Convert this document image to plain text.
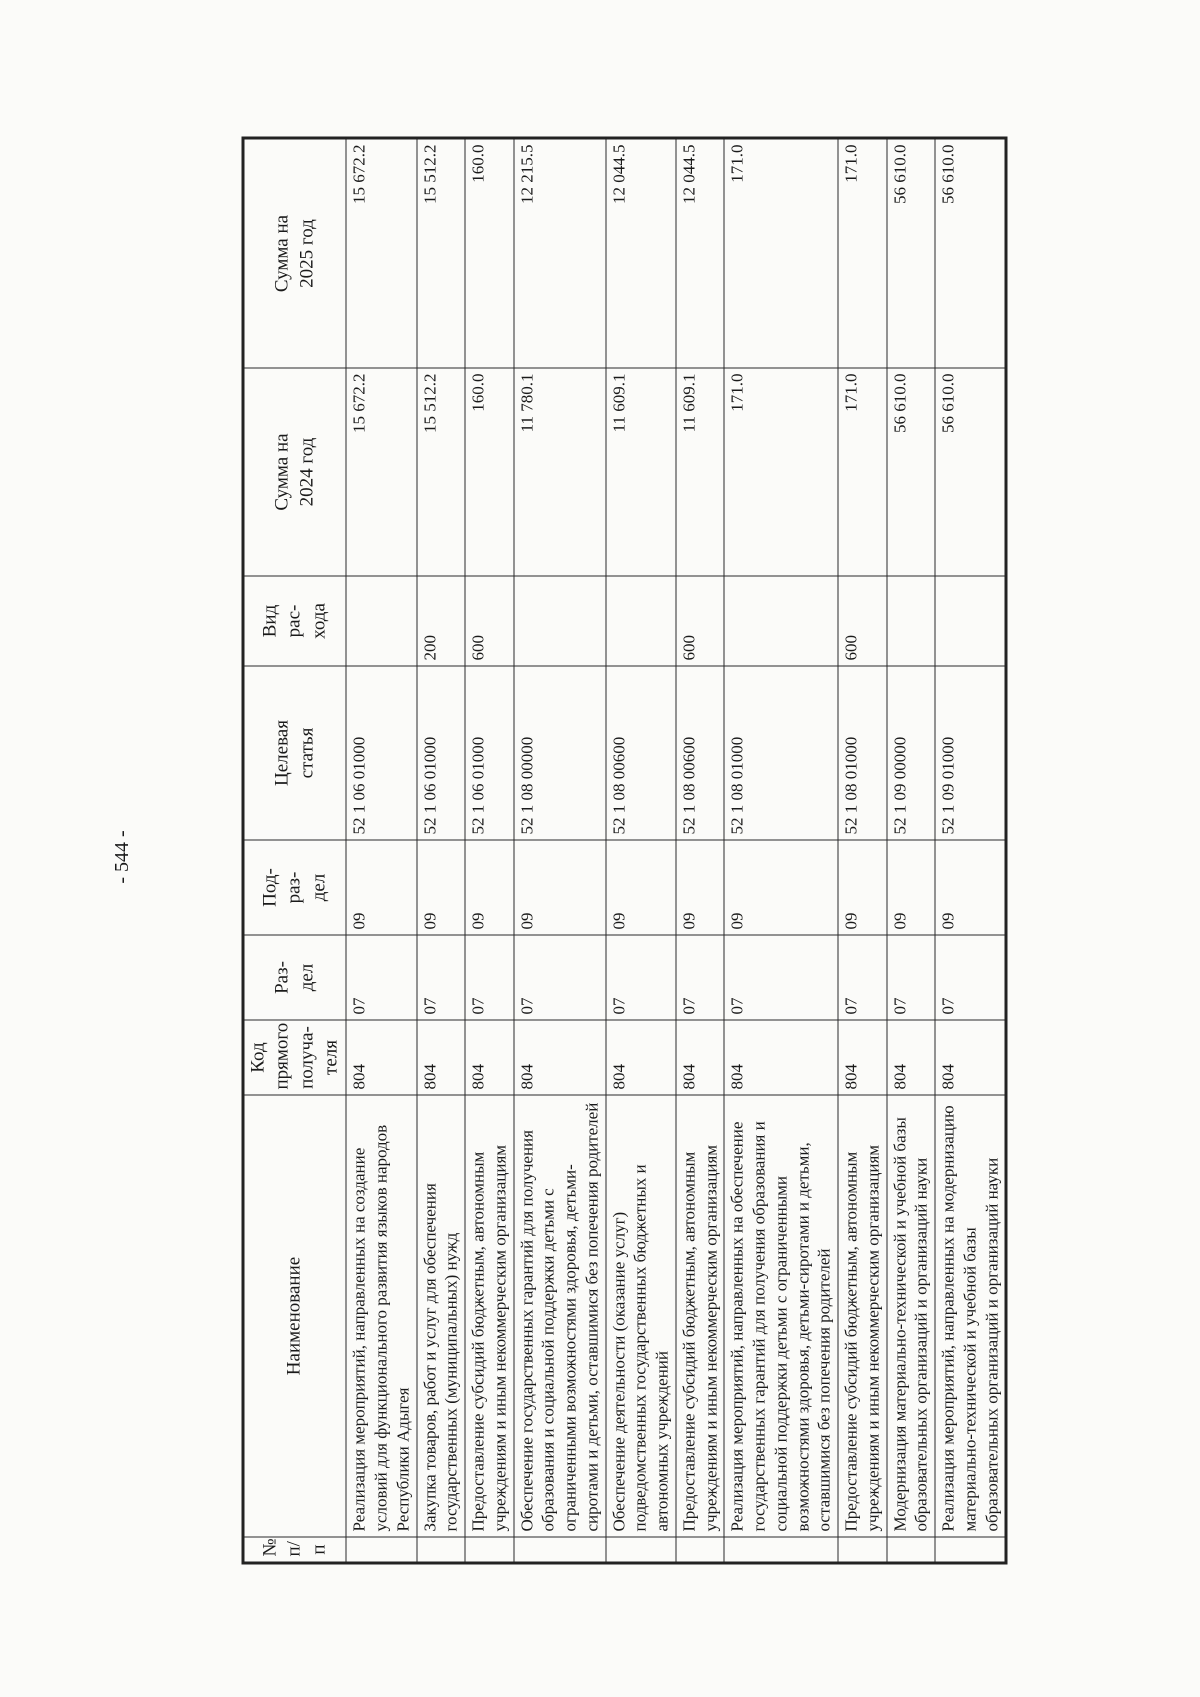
- 544 -
№
п/п	Наименование	Код
прямого
получа-
теля	Раз-
дел	Под-
раз-
дел	Целевая
статья	Вид
рас-
хода	Сумма на
2024 год	Сумма на
2025 год
	Реализация мероприятий, направленных на создание условий для функционального развития языков народов Республики Адыгея	804	07	09	52 1 06 01000		15 672.2	15 672.2
	Закупка товаров, работ и услуг для обеспечения государственных (муниципальных) нужд	804	07	09	52 1 06 01000	200	15 512.2	15 512.2
	Предоставление субсидий бюджетным, автономным учреждениям и иным некоммерческим организациям	804	07	09	52 1 06 01000	600	160.0	160.0
	Обеспечение государственных гарантий для получения образования и социальной поддержки детьми с ограниченными возможностями здоровья, детьми-сиротами и детьми, оставшимися без попечения родителей	804	07	09	52 1 08 00000		11 780.1	12 215.5
	Обеспечение деятельности (оказание услуг) подведомственных государственных бюджетных и автономных учреждений	804	07	09	52 1 08 00600		11 609.1	12 044.5
	Предоставление субсидий бюджетным, автономным учреждениям и иным некоммерческим организациям	804	07	09	52 1 08 00600	600	11 609.1	12 044.5
	Реализация мероприятий, направленных на обеспечение государственных гарантий для получения образования и социальной поддержки детьми с ограниченными возможностями здоровья, детьми-сиротами и детьми, оставшимися без попечения родителей	804	07	09	52 1 08 01000		171.0	171.0
	Предоставление субсидий бюджетным, автономным учреждениям и иным некоммерческим организациям	804	07	09	52 1 08 01000	600	171.0	171.0
	Модернизация материально-технической и учебной базы образовательных организаций и организаций науки	804	07	09	52 1 09 00000		56 610.0	56 610.0
	Реализация мероприятий, направленных на модернизацию материально-технической и учебной базы образовательных организаций и организаций науки	804	07	09	52 1 09 01000		56 610.0	56 610.0
